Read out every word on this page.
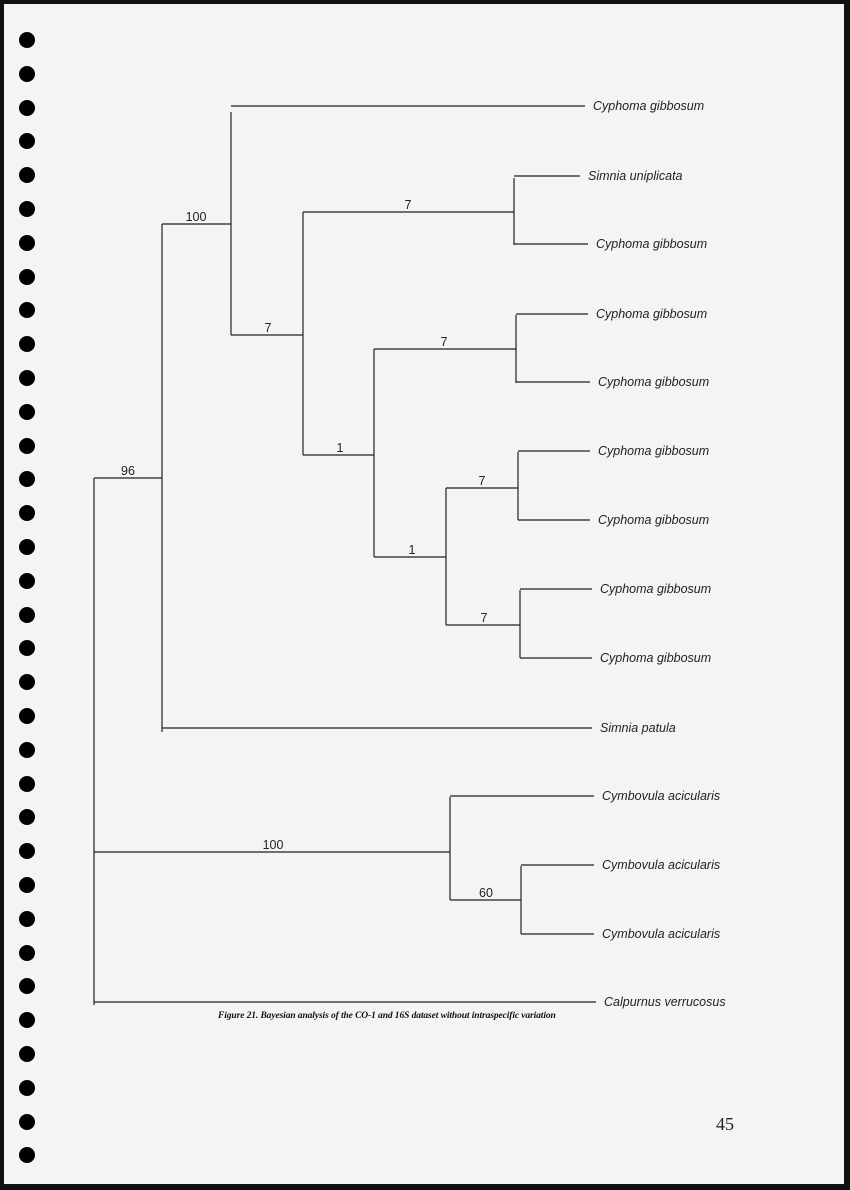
96
100
7
7
1
7
1
7
7
100
60
Cyphoma gibbosum
Simnia uniplicata
Cyphoma gibbosum
Cyphoma gibbosum
Cyphoma gibbosum
Cyphoma gibbosum
Cyphoma gibbosum
Cyphoma gibbosum
Cyphoma gibbosum
Simnia patula
Cymbovula acicularis
Cymbovula acicularis
Cymbovula acicularis
Calpurnus verrucosus
Figure 21. Bayesian analysis of the CO-1 and 16S dataset without intraspecific variation
45
